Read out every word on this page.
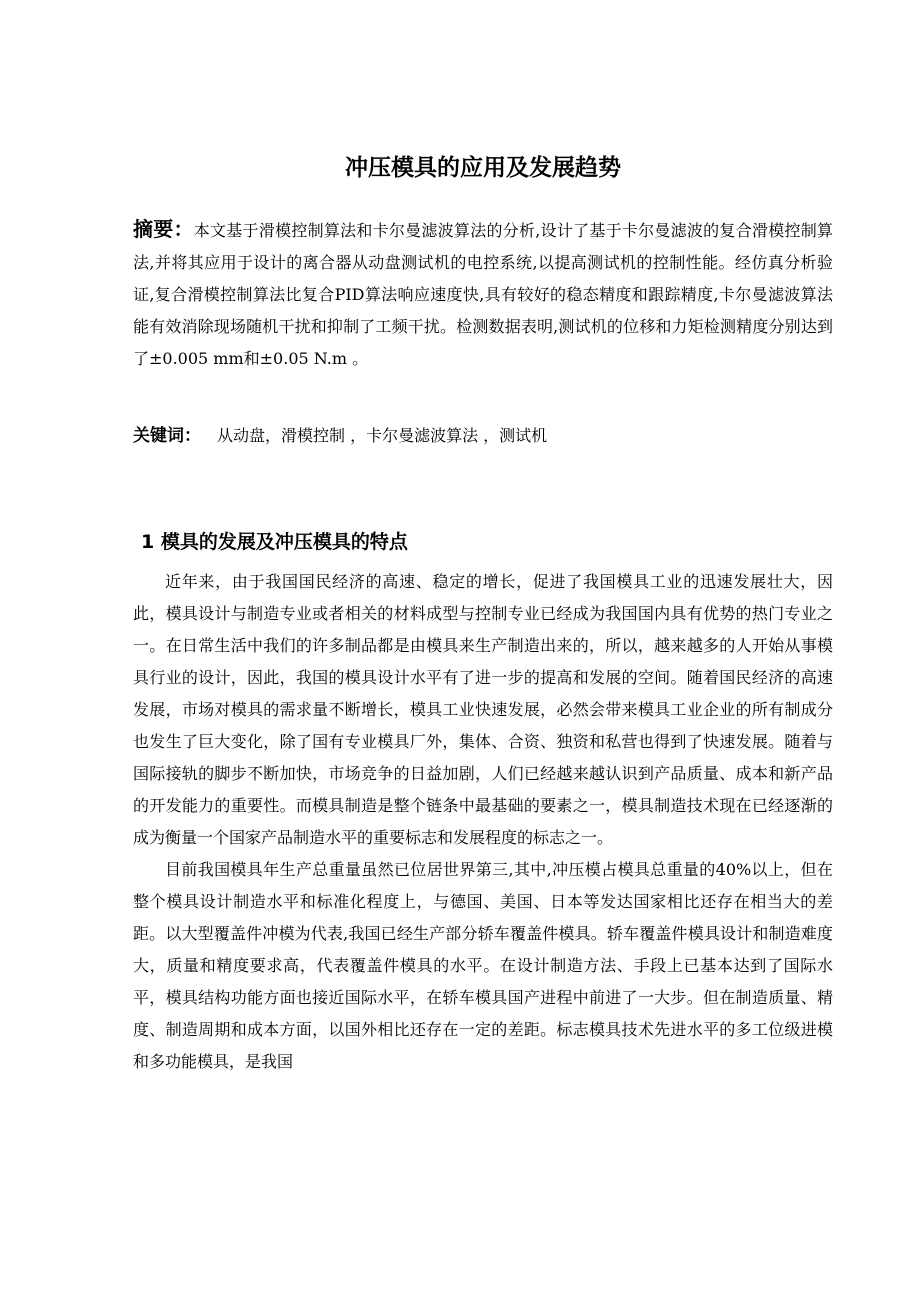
冲压模具的应用及发展趋势

摘要：本文基于滑模控制算法和卡尔曼滤波算法的分析,设计了基于卡尔曼滤波的复合滑模控制算法,并将其应用于设计的离合器从动盘测试机的电控系统,以提高测试机的控制性能。经仿真分析验证,复合滑模控制算法比复合PID算法响应速度快,具有较好的稳态精度和跟踪精度,卡尔曼滤波算法能有效消除现场随机干扰和抑制了工频干扰。检测数据表明,测试机的位移和力矩检测精度分别达到了±0.005 mm和±0.05 N.m 。

关键词： 从动盘，滑模控制 ，卡尔曼滤波算法 ，测试机

1 模具的发展及冲压模具的特点

近年来，由于我国国民经济的高速、稳定的增长，促进了我国模具工业的迅速发展壮大，因此，模具设计与制造专业或者相关的材料成型与控制专业已经成为我国国内具有优势的热门专业之一。在日常生活中我们的许多制品都是由模具来生产制造出来的，所以，越来越多的人开始从事模具行业的设计，因此，我国的模具设计水平有了进一步的提高和发展的空间。随着国民经济的高速发展，市场对模具的需求量不断增长，模具工业快速发展，必然会带来模具工业企业的所有制成分也发生了巨大变化，除了国有专业模具厂外，集体、合资、独资和私营也得到了快速发展。随着与国际接轨的脚步不断加快，市场竞争的日益加剧，人们已经越来越认识到产品质量、成本和新产品的开发能力的重要性。而模具制造是整个链条中最基础的要素之一，模具制造技术现在已经逐渐的成为衡量一个国家产品制造水平的重要标志和发展程度的标志之一。

目前我国模具年生产总重量虽然已位居世界第三,其中,冲压模占模具总重量的40%以上，但在整个模具设计制造水平和标准化程度上，与德国、美国、日本等发达国家相比还存在相当大的差距。以大型覆盖件冲模为代表,我国已经生产部分轿车覆盖件模具。轿车覆盖件模具设计和制造难度大，质量和精度要求高，代表覆盖件模具的水平。在设计制造方法、手段上已基本达到了国际水平，模具结构功能方面也接近国际水平，在轿车模具国产进程中前进了一大步。但在制造质量、精度、制造周期和成本方面，以国外相比还存在一定的差距。标志模具技术先进水平的多工位级进模和多功能模具，是我国
